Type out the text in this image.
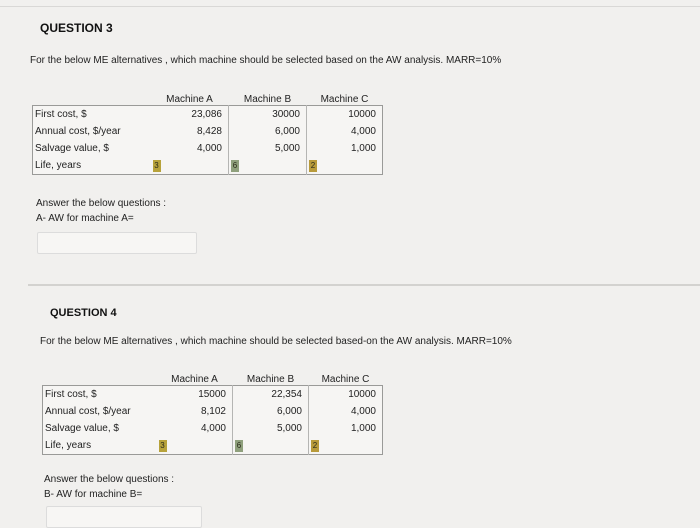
QUESTION 3
For the below ME alternatives , which machine should be selected based on the AW analysis. MARR=10%
	Machine A	Machine B	Machine C
First cost, $	23,086	30000	10000
Annual cost, $/year	8,428	6,000	4,000
Salvage value, $	4,000	5,000	1,000
Life, years	3	6	2
Answer the below questions :
A- AW for machine A=
QUESTION 4
For the below ME alternatives , which machine should be selected based-on the AW analysis. MARR=10%
	Machine A	Machine B	Machine C
First cost, $	15000	22,354	10000
Annual cost, $/year	8,102	6,000	4,000
Salvage value, $	4,000	5,000	1,000
Life, years	3	6	2
Answer the below questions :
B- AW for machine B=
